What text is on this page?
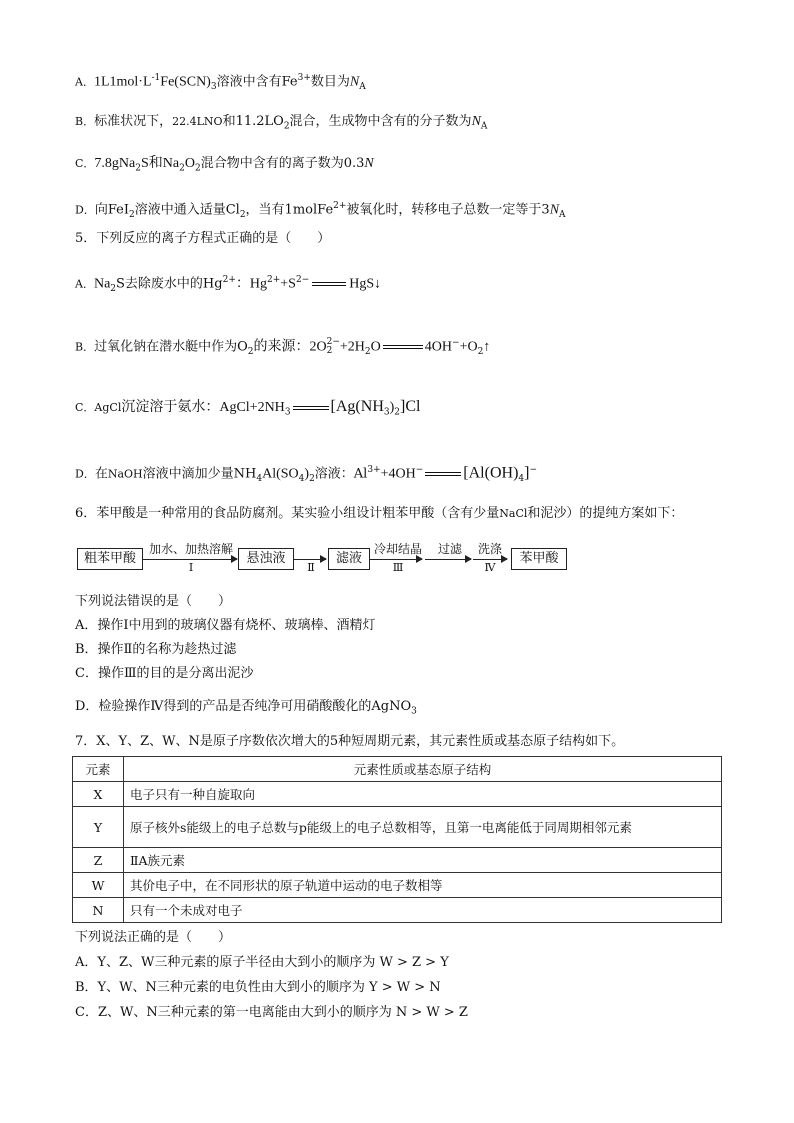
A．$1L1mol\cdot L^{-1}Fe(SCN)_3$溶液中含有$Fe^{3+}$数目为$N_A$
B．标准状况下，22.4LNO和$11.2LO_2$混合，生成物中含有的分子数为$N_A$
C．7.8gNa$_2$S和$Na_2O_2$混合物中含有的离子数为0.3N
D．向FeI$_2$溶液中通入适量$Cl_2$，当有1molFe$^{2+}$被氧化时，转移电子总数一定等于$3N_A$
5．下列反应的离子方程式正确的是（　　）
A．$Na_2S$去除废水中的$Hg^{2+}$：$Hg^{2+}+S^{2-}$	HgS↓
B．过氧化钠在潜水艇中作为$O_2$的来源：2O 2−
$2 +2H_2O$	$4OH^-+O_2↑$
C．AgCl沉淀溶于氨水：$AgCl+2NH_3$	$[Ag(NH_3)_2]Cl$
D．在NaOH溶液中滴加少量$NH_4Al(SO_4)_2$溶液：$Al^{3+}+4OH^-$	$[Al(OH)_4]^-$
6．苯甲酸是一种常用的食品防腐剂。某实验小组设计粗苯甲酸（含有少量NaCl和泥沙）的提纯方案如下：
粗苯甲酸
加水、加热溶解
Ⅰ
悬浊液
Ⅱ
滤液
冷却结晶
Ⅲ
过滤	洗涤
Ⅳ
苯甲酸
下列说法错误的是（　　）
A．操作Ⅰ中用到的玻璃仪器有烧杯、玻璃棒、酒精灯
B．操作Ⅱ的名称为趁热过滤
C．操作Ⅲ的目的是分离出泥沙
D．检验操作Ⅳ得到的产品是否纯净可用硝酸酸化的AgNO$_3$
7．X、Y、Z、W、N是原子序数依次增大的5种短周期元素，其元素性质或基态原子结构如下。
元素	元素性质或基态原子结构
X	电子只有一种自旋取向
Y	原子核外s能级上的电子总数与p能级上的电子总数相等，且第一电离能低于同周期相邻元素
Z	ⅡA族元素
W	其价电子中，在不同形状的原子轨道中运动的电子数相等
N	只有一个未成对电子
下列说法正确的是（　　）
A．Y、Z、W三种元素的原子半径由大到小的顺序为 W > Z > Y
B．Y、W、N三种元素的电负性由大到小的顺序为 Y > W > N
C．Z、W、N三种元素的第一电离能由大到小的顺序为 N > W > Z
